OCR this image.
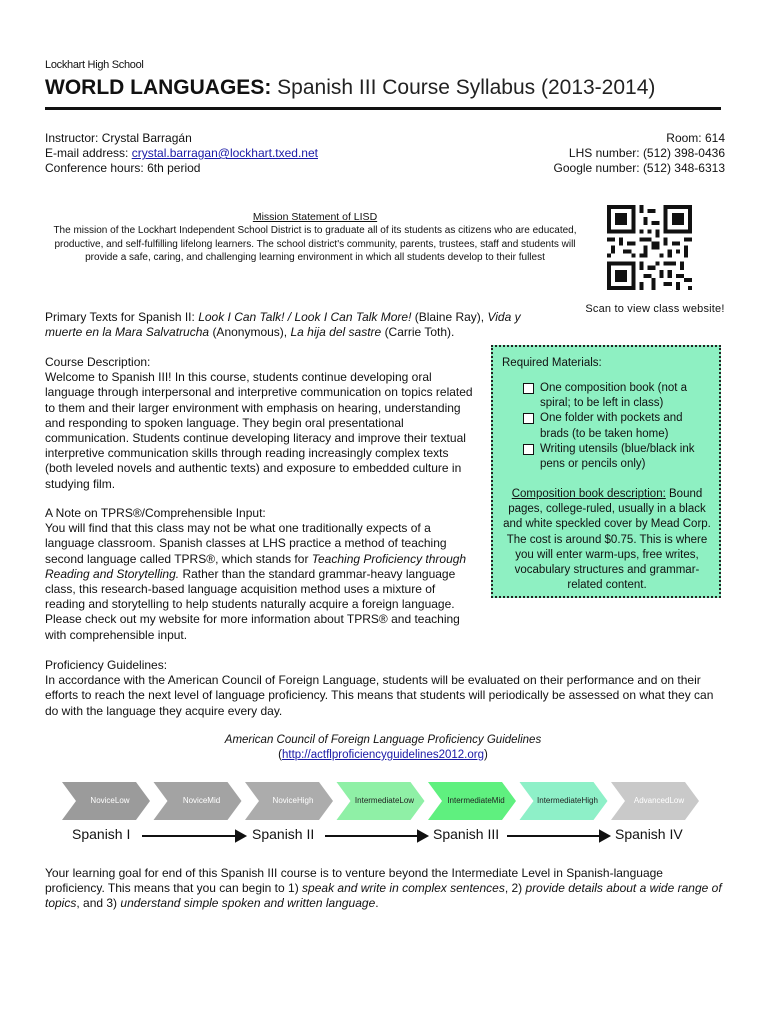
Lockhart High School
WORLD LANGUAGES: Spanish III Course Syllabus (2013-2014)
Instructor: Crystal Barragán
E-mail address: crystal.barragan@lockhart.txed.net
Conference hours: 6th period
Room: 614
LHS number: (512) 398-0436
Google number: (512) 348-6313
Mission Statement of LISD
The mission of the Lockhart Independent School District is to graduate all of its students as citizens who are educated, productive, and self-fulfilling lifelong learners. The school district's community, parents, trustees, staff and students will provide a safe, caring, and challenging learning environment in which all students develop to their fullest
Scan to view class website!
Primary Texts for Spanish II: Look I Can Talk! / Look I Can Talk More! (Blaine Ray), Vida y muerte en la Mara Salvatrucha (Anonymous), La hija del sastre (Carrie Toth).
Course Description:
Welcome to Spanish III! In this course, students continue developing oral language through interpersonal and interpretive communication on topics related to them and their larger environment with emphasis on hearing, understanding and responding to spoken language. They begin oral presentational communication. Students continue developing literacy and improve their textual interpretive communication skills through reading increasingly complex texts (both leveled novels and authentic texts) and exposure to embedded culture in studying film.
A Note on TPRS®/Comprehensible Input:
You will find that this class may not be what one traditionally expects of a language classroom. Spanish classes at LHS practice a method of teaching second language called TPRS®, which stands for Teaching Proficiency through Reading and Storytelling. Rather than the standard grammar-heavy language class, this research-based language acquisition method uses a mixture of reading and storytelling to help students naturally acquire a foreign language. Please check out my website for more information about TPRS® and teaching with comprehensible input.
Required Materials:
One composition book (not a spiral; to be left in class)
One folder with pockets and brads (to be taken home)
Writing utensils (blue/black ink pens or pencils only)
Composition book description: Bound pages, college-ruled, usually in a black and white speckled cover by Mead Corp. The cost is around $0.75. This is where you will enter warm-ups, free writes, vocabulary structures and grammar-related content.
Proficiency Guidelines:
In accordance with the American Council of Foreign Language, students will be evaluated on their performance and on their efforts to reach the next level of language proficiency. This means that students will periodically be assessed on what they can do with the language they acquire every day.
American Council of Foreign Language Proficiency Guidelines
(http://actflproficiencyguidelines2012.org)
Novice Low	Novice Mid	Novice High	Intermediate Low	Intermediate Mid	Intermediate High	Advanced Low
Spanish I	Spanish II	Spanish III	Spanish IV
Your learning goal for end of this Spanish III course is to venture beyond the Intermediate Level in Spanish-language proficiency. This means that you can begin to 1) speak and write in complex sentences, 2) provide details about a wide range of topics, and 3) understand simple spoken and written language.
